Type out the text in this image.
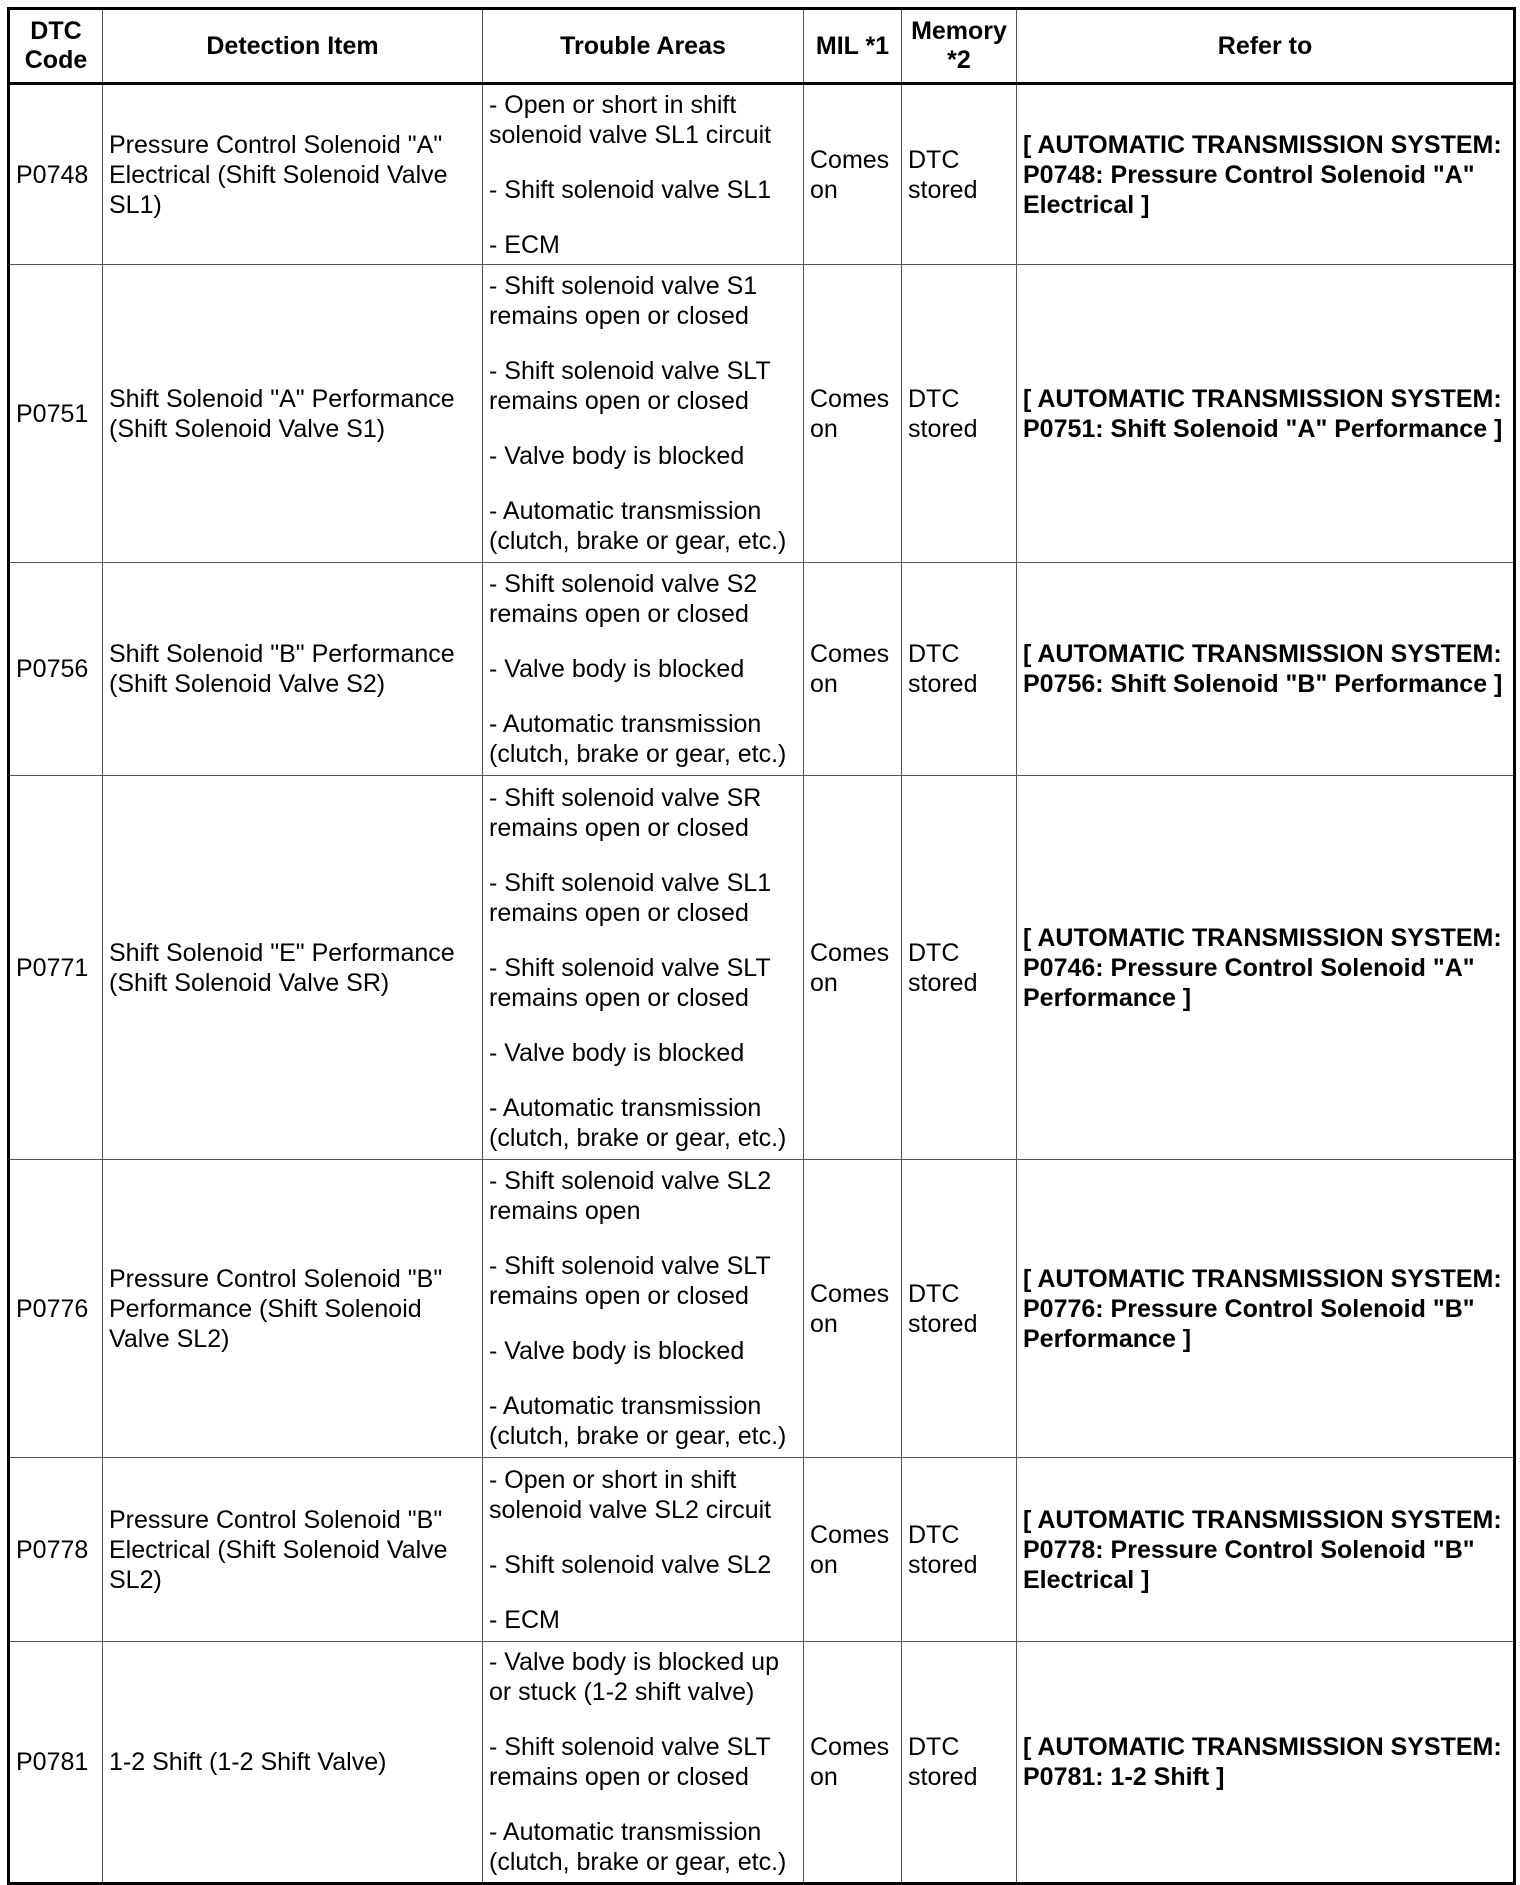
DTC Code	Detection Item	Trouble Areas	MIL *1	Memory *2	Refer to
P0748	Pressure Control Solenoid "A" Electrical (Shift Solenoid Valve SL1)	- Open or short in shift solenoid valve SL1 circuit
- Shift solenoid valve SL1
- ECM	Comes on	DTC stored	[ AUTOMATIC TRANSMISSION SYSTEM: P0748: Pressure Control Solenoid "A" Electrical ]
P0751	Shift Solenoid "A" Performance (Shift Solenoid Valve S1)	- Shift solenoid valve S1 remains open or closed
- Shift solenoid valve SLT remains open or closed
- Valve body is blocked
- Automatic transmission (clutch, brake or gear, etc.)	Comes on	DTC stored	[ AUTOMATIC TRANSMISSION SYSTEM: P0751: Shift Solenoid "A" Performance ]
P0756	Shift Solenoid "B" Performance (Shift Solenoid Valve S2)	- Shift solenoid valve S2 remains open or closed
- Valve body is blocked
- Automatic transmission (clutch, brake or gear, etc.)	Comes on	DTC stored	[ AUTOMATIC TRANSMISSION SYSTEM: P0756: Shift Solenoid "B" Performance ]
P0771	Shift Solenoid "E" Performance (Shift Solenoid Valve SR)	- Shift solenoid valve SR remains open or closed
- Shift solenoid valve SL1 remains open or closed
- Shift solenoid valve SLT remains open or closed
- Valve body is blocked
- Automatic transmission (clutch, brake or gear, etc.)	Comes on	DTC stored	[ AUTOMATIC TRANSMISSION SYSTEM: P0746: Pressure Control Solenoid "A" Performance ]
P0776	Pressure Control Solenoid "B" Performance (Shift Solenoid Valve SL2)	- Shift solenoid valve SL2 remains open
- Shift solenoid valve SLT remains open or closed
- Valve body is blocked
- Automatic transmission (clutch, brake or gear, etc.)	Comes on	DTC stored	[ AUTOMATIC TRANSMISSION SYSTEM: P0776: Pressure Control Solenoid "B" Performance ]
P0778	Pressure Control Solenoid "B" Electrical (Shift Solenoid Valve SL2)	- Open or short in shift solenoid valve SL2 circuit
- Shift solenoid valve SL2
- ECM	Comes on	DTC stored	[ AUTOMATIC TRANSMISSION SYSTEM: P0778: Pressure Control Solenoid "B" Electrical ]
P0781	1-2 Shift (1-2 Shift Valve)	- Valve body is blocked up or stuck (1-2 shift valve)
- Shift solenoid valve SLT remains open or closed
- Automatic transmission (clutch, brake or gear, etc.)	Comes on	DTC stored	[ AUTOMATIC TRANSMISSION SYSTEM: P0781: 1-2 Shift ]
